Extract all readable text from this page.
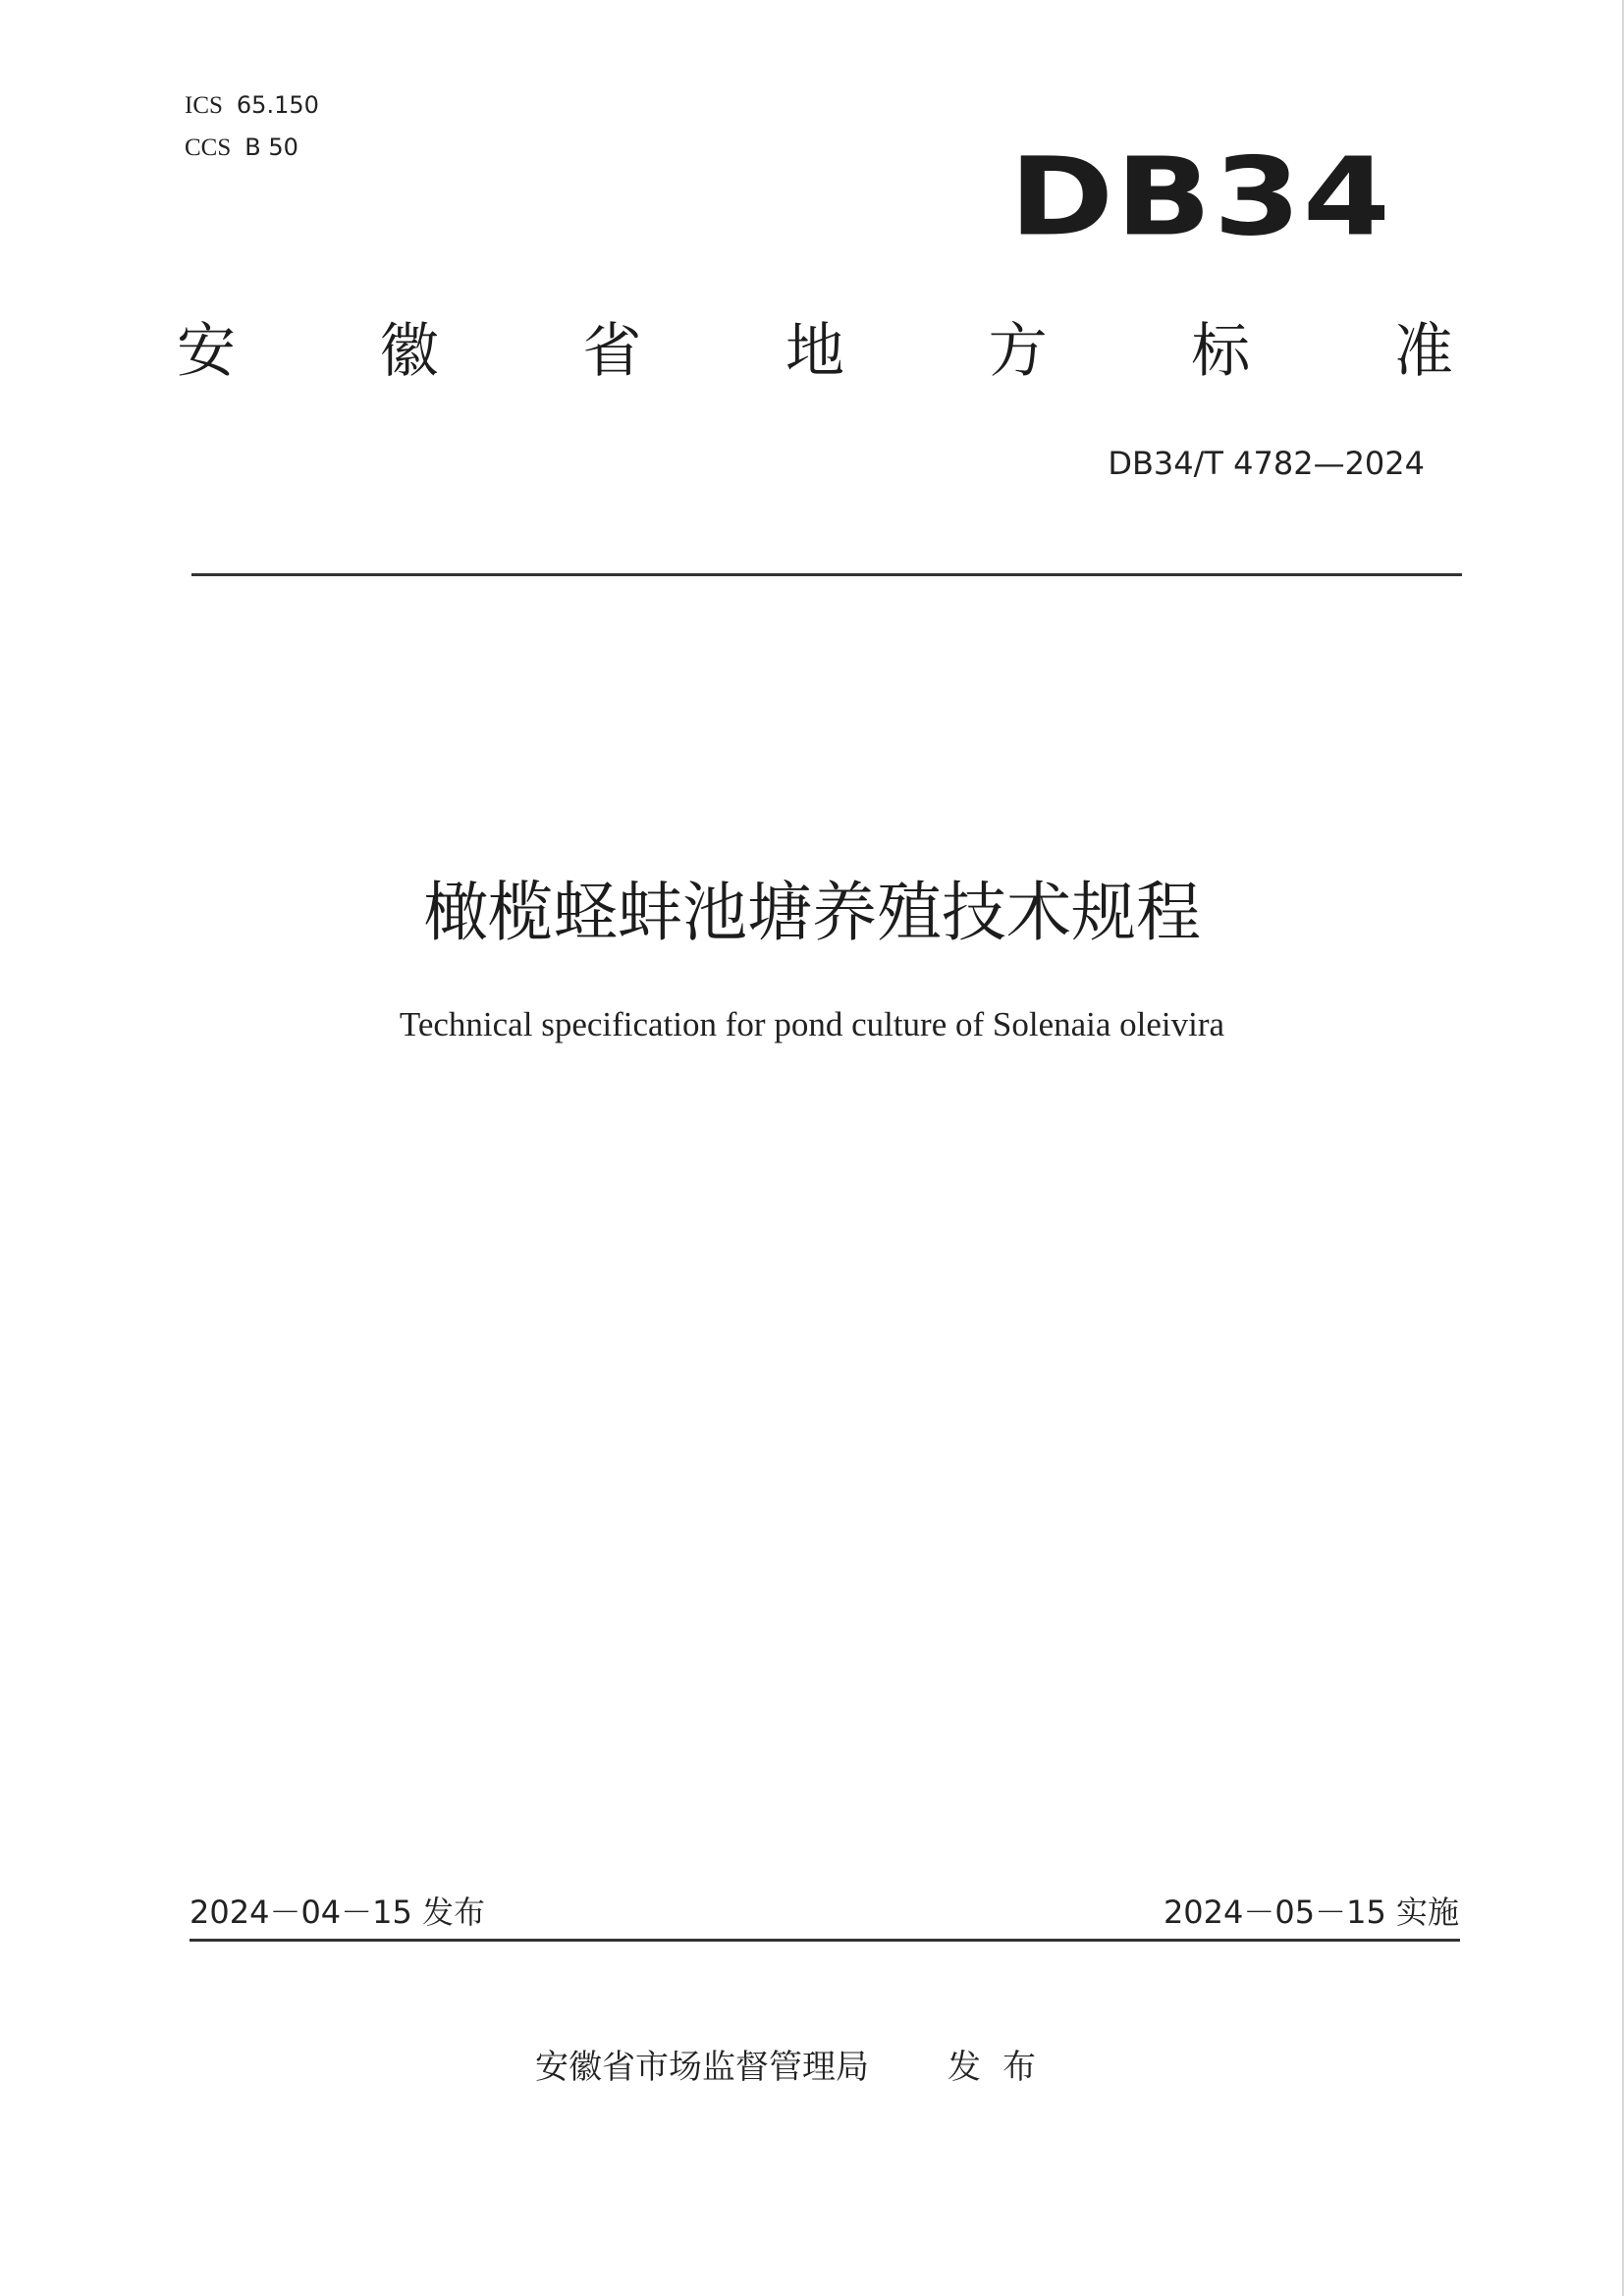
ICS 65.150
CCS B 50	DB34
安 徽 省 地 方 标 准
DB34/T 4782—2024
橄榄蛏蚌池塘养殖技术规程
Technical specification for pond culture of Solenaia oleivira
2024－04－15 发布	2024－05－15 实施
安徽省市场监督管理局 发布
